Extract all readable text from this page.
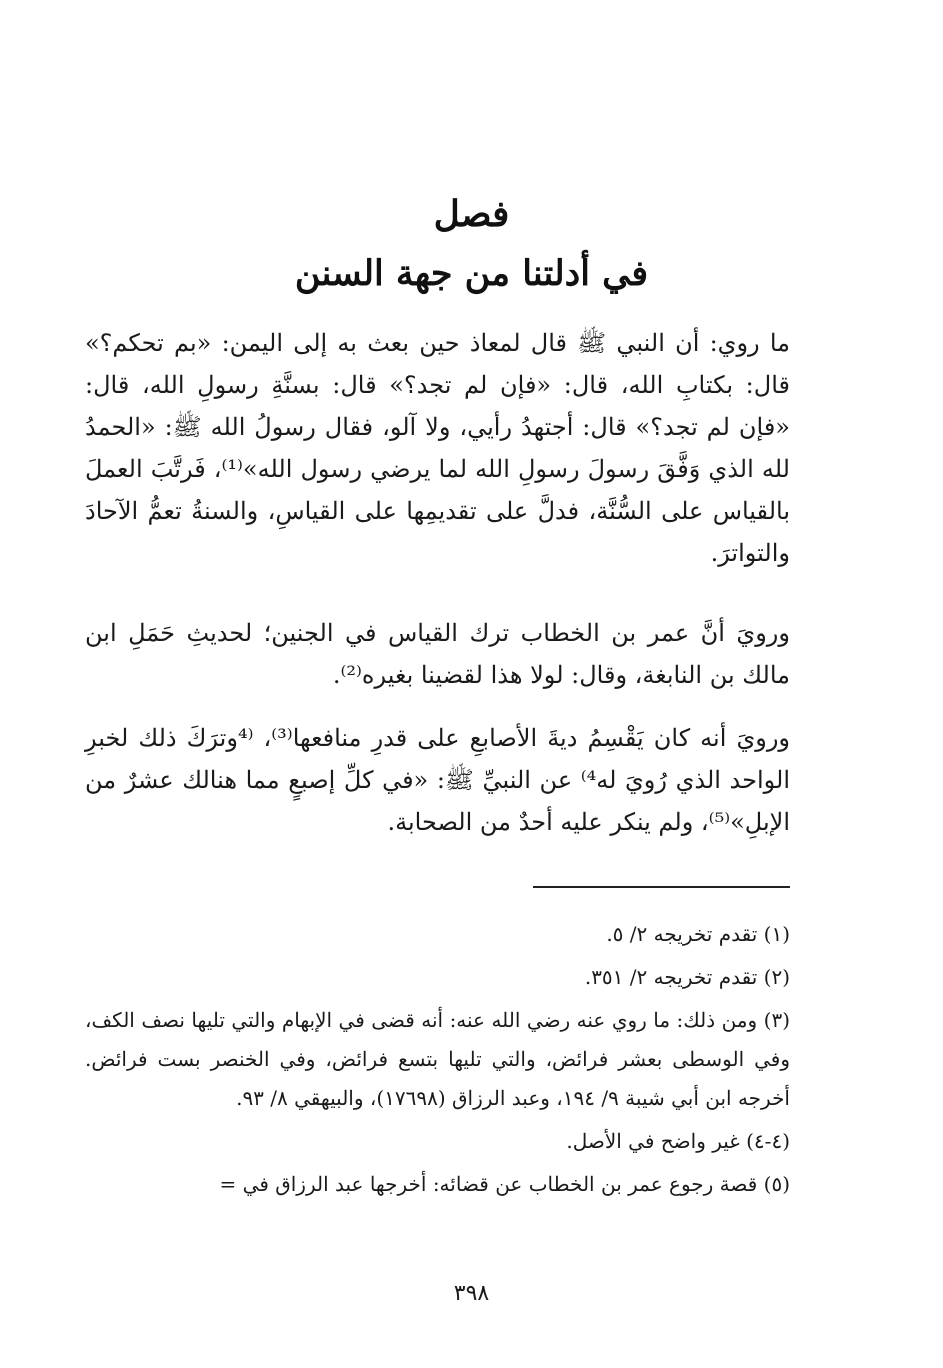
فصل
في أدلتنا من جهة السنن

ما روي: أن النبي ﷺ قال لمعاذ حين بعث به إلى اليمن: «بم تحكم؟» قال: بكتابِ الله، قال: «فإن لم تجد؟» قال: بسنَّةِ رسولِ الله، قال: «فإن لم تجد؟» قال: أجتهدُ رأيي، ولا آلو، فقال رسولُ الله ﷺ: «الحمدُ لله الذي وَفَّقَ رسولَ رسولِ الله لما يرضي رسول الله»⁽¹⁾، فَرتَّبَ العملَ بالقياس على السُّنَّة، فدلَّ على تقديمِها على القياسِ، والسنةُ تعمُّ الآحادَ والتواترَ.

ورويَ أنَّ عمر بن الخطاب ترك القياس في الجنين؛ لحديثِ حَمَلِ ابن مالك بن النابغة، وقال: لولا هذا لقضينا بغيره⁽²⁾.

ورويَ أنه كان يَقْسِمُ ديةَ الأصابعِ على قدرِ منافعها⁽³⁾، ⁽⁴وترَكَ ذلك لخبرِ الواحد الذي رُويَ له⁴⁾ عن النبيِّ ﷺ: «في كلِّ إصبعٍ مما هنالك عشرٌ من الإبلِ»⁽⁵⁾، ولم ينكر عليه أحدٌ من الصحابة.

(١) تقدم تخريجه ٢/ ٥.

(٢) تقدم تخريجه ٢/ ٣٥١.

(٣) ومن ذلك: ما روي عنه رضي الله عنه: أنه قضى في الإبهام والتي تليها نصف الكف، وفي الوسطى بعشر فرائض، والتي تليها بتسع فرائض، وفي الخنصر بست فرائض. أخرجه ابن أبي شيبة ٩/ ١٩٤، وعبد الرزاق (١٧٦٩٨)، والبيهقي ٨/ ٩٣.

(٤-٤) غير واضح في الأصل.

(٥) قصة رجوع عمر بن الخطاب عن قضائه: أخرجها عبد الرزاق في =

٣٩٨
